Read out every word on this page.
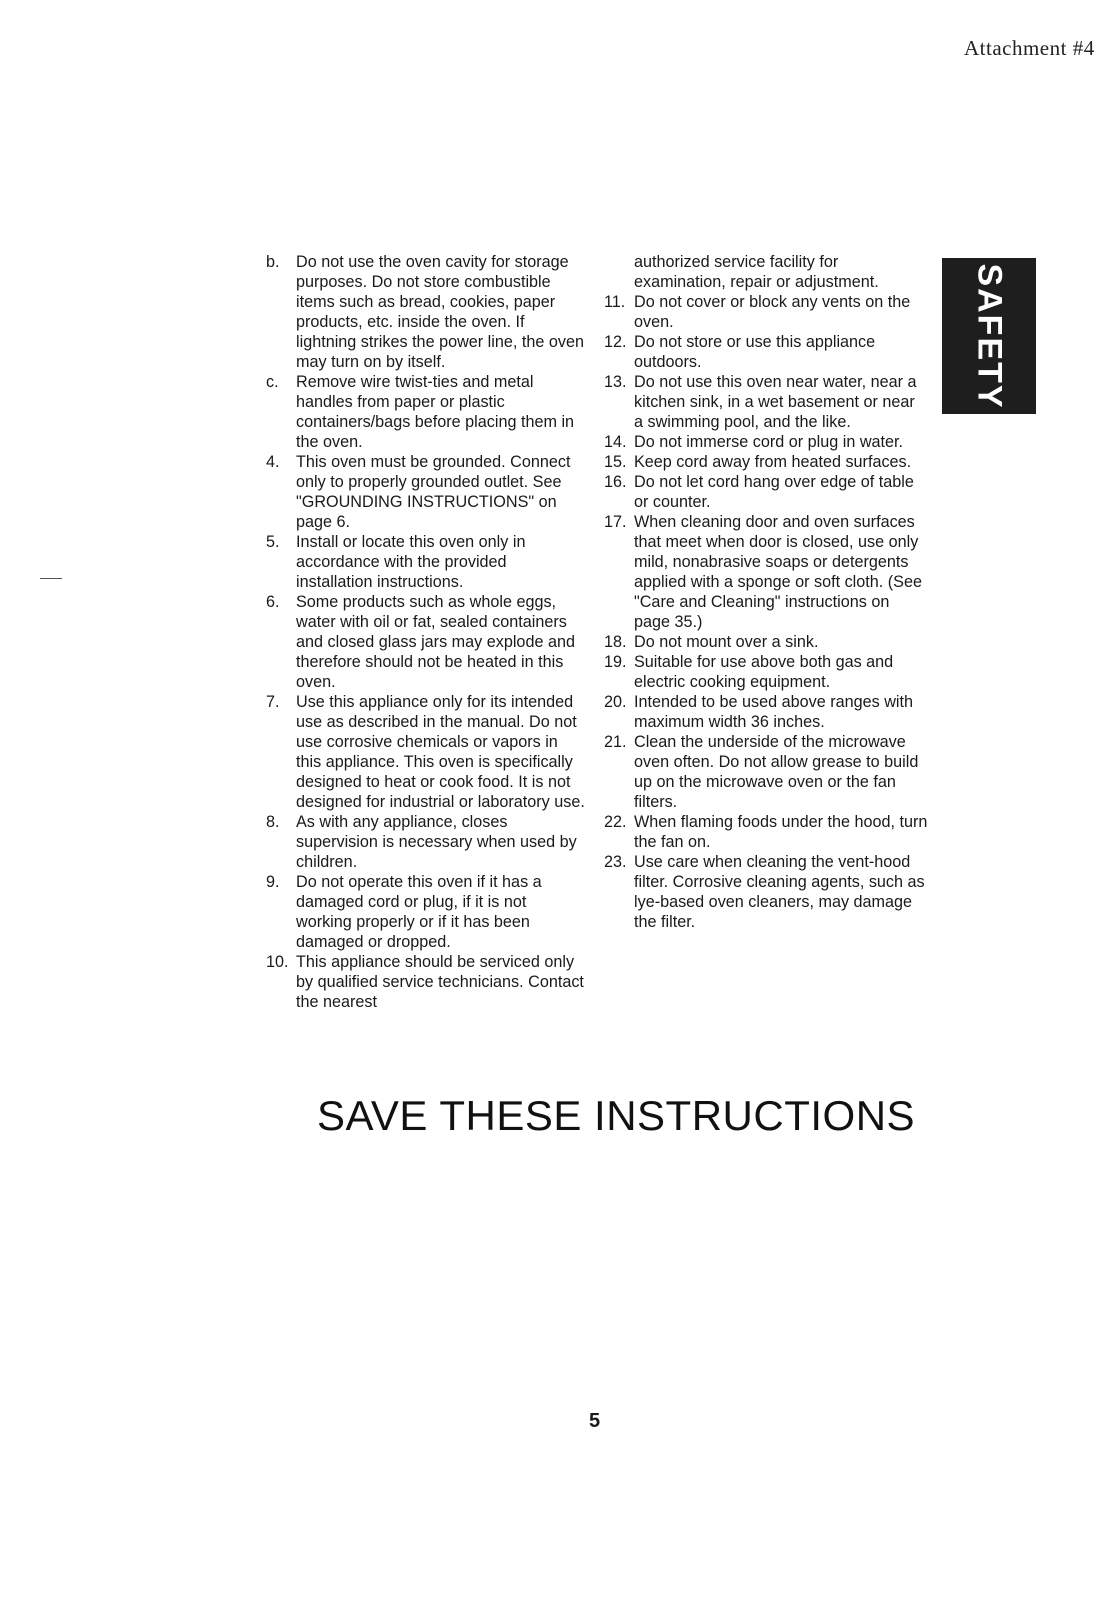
Attachment #4
SAFETY
b.	Do not use the oven cavity for storage purposes. Do not store combustible items such as bread, cookies, paper products, etc. inside the oven. If lightning strikes the power line, the oven may turn on by itself.
c.	Remove wire twist-ties and metal handles from paper or plastic containers/bags before placing them in the oven.
4.	This oven must be grounded. Connect only to properly grounded outlet. See "GROUNDING INSTRUCTIONS" on page 6.
5.	Install or locate this oven only in accordance with the provided installation instructions.
6.	Some products such as whole eggs, water with oil or fat, sealed containers and closed glass jars may explode and therefore should not be heated in this oven.
7.	Use this appliance only for its intended use as described in the manual. Do not use corrosive chemicals or vapors in this appliance. This oven is specifically designed to heat or cook food. It is not designed for industrial or laboratory use.
8.	As with any appliance, closes supervision is necessary when used by children.
9.	Do not operate this oven if it has a damaged cord or plug, if it is not working properly or if it has been damaged or dropped.
10. This appliance should be serviced only by qualified service technicians. Contact the nearest
authorized service facility for examination, repair or adjustment.
11. Do not cover or block any vents on the oven.
12. Do not store or use this appliance outdoors.
13. Do not use this oven near water, near a kitchen sink, in a wet basement or near a swimming pool, and the like.
14. Do not immerse cord or plug in water.
15. Keep cord away from heated surfaces.
16. Do not let cord hang over edge of table or counter.
17. When cleaning door and oven surfaces that meet when door is closed, use only mild, nonabrasive soaps or detergents applied with a sponge or soft cloth. (See "Care and Cleaning" instructions on page 35.)
18. Do not mount over a sink.
19. Suitable for use above both gas and electric cooking equipment.
20. Intended to be used above ranges with maximum width 36 inches.
21. Clean the underside of the microwave oven often. Do not allow grease to build up on the microwave oven or the fan filters.
22. When flaming foods under the hood, turn the fan on.
23. Use care when cleaning the vent-hood filter. Corrosive cleaning agents, such as lye-based oven cleaners, may damage the filter.
SAVE THESE INSTRUCTIONS
5
